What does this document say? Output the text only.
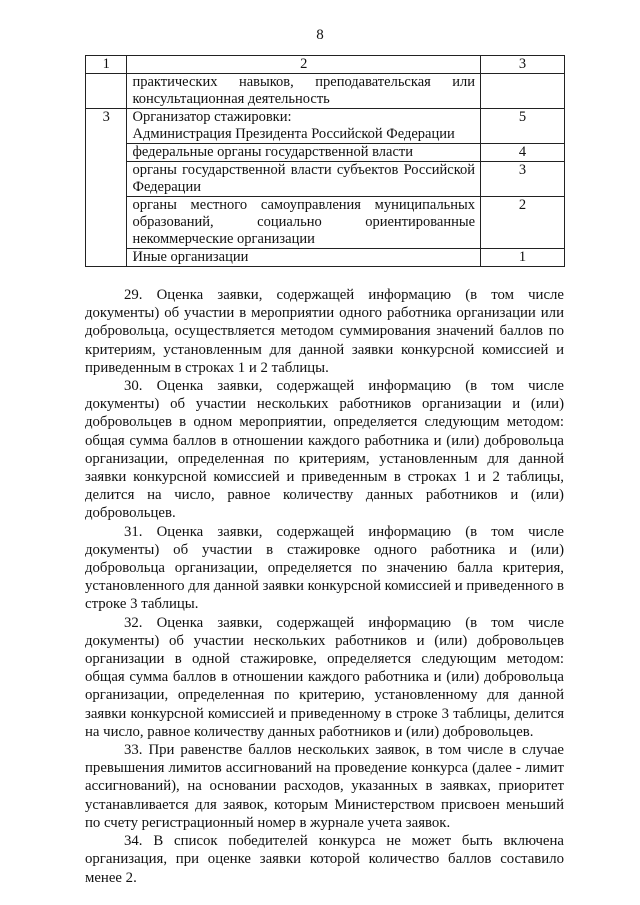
8
1	2	3
	практических навыков, преподавательская или консультационная деятельность	
3	Организатор стажировки:
Администрация Президента Российской Федерации	5
	федеральные органы государственной власти	4
	органы государственной власти субъектов Российской Федерации	3
	органы местного самоуправления муниципальных образований, социально ориентированные некоммерческие организации	2
	Иные организации	1

29. Оценка заявки, содержащей информацию (в том числе документы) об участии в мероприятии одного работника организации или добровольца, осуществляется методом суммирования значений баллов по критериям, установленным для данной заявки конкурсной комиссией и приведенным в строках 1 и 2 таблицы.

30. Оценка заявки, содержащей информацию (в том числе документы) об участии нескольких работников организации и (или) добровольцев в одном мероприятии, определяется следующим методом: общая сумма баллов в отношении каждого работника и (или) добровольца организации, определенная по критериям, установленным для данной заявки конкурсной комиссией и приведенным в строках 1 и 2 таблицы, делится на число, равное количеству данных работников и (или) добровольцев.

31. Оценка заявки, содержащей информацию (в том числе документы) об участии в стажировке одного работника и (или) добровольца организации, определяется по значению балла критерия, установленного для данной заявки конкурсной комиссией и приведенного в строке 3 таблицы.

32. Оценка заявки, содержащей информацию (в том числе документы) об участии нескольких работников и (или) добровольцев организации в одной стажировке, определяется следующим методом: общая сумма баллов в отношении каждого работника и (или) добровольца организации, определенная по критерию, установленному для данной заявки конкурсной комиссией и приведенному в строке 3 таблицы, делится на число, равное количеству данных работников и (или) добровольцев.

33. При равенстве баллов нескольких заявок, в том числе в случае превышения лимитов ассигнований на проведение конкурса (далее - лимит ассигнований), на основании расходов, указанных в заявках, приоритет устанавливается для заявок, которым Министерством присвоен меньший по счету регистрационный номер в журнале учета заявок.

34. В список победителей конкурса не может быть включена организация, при оценке заявки которой количество баллов составило менее 2.
